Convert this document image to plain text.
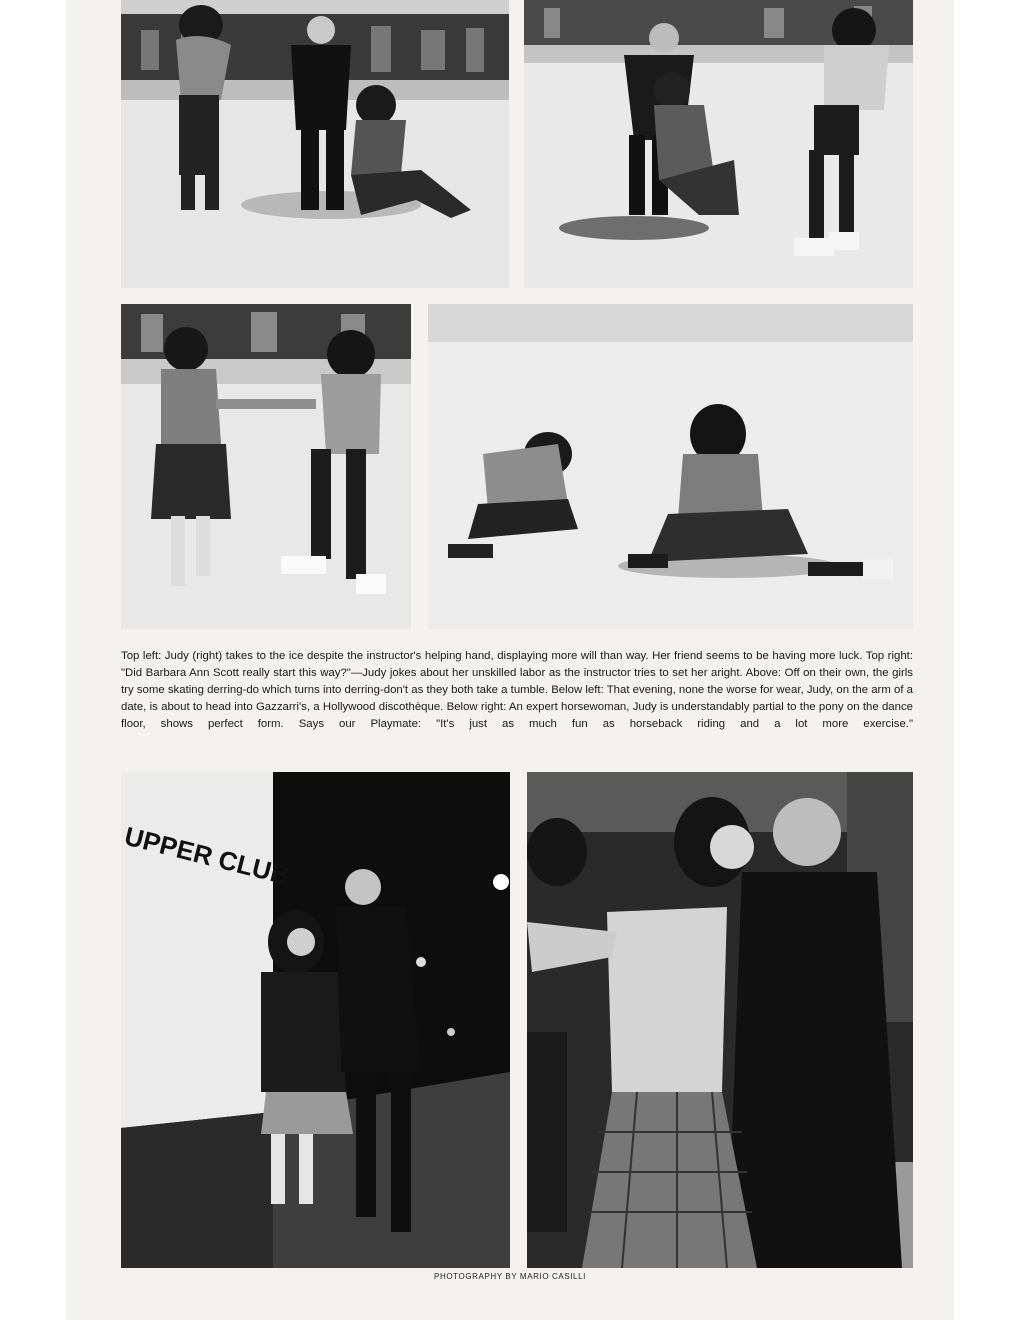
Top left: Judy (right) takes to the ice despite the instructor's helping hand, displaying more will than way. Her friend seems to be having more luck. Top right: "Did Barbara Ann Scott really start this way?"—Judy jokes about her unskilled labor as the instructor tries to set her aright. Above: Off on their own, the girls try some skating derring-do which turns into derring-don't as they both take a tumble. Below left: That evening, none the worse for wear, Judy, on the arm of a date, is about to head into Gazzarri's, a Hollywood discothèque. Below right: An expert horsewoman, Judy is understandably partial to the pony on the dance floor, shows perfect form. Says our Playmate: "It's just as much fun as horseback riding and a lot more exercise."

UPPER CLUB
PHOTOGRAPHY BY MARIO CASILLI
